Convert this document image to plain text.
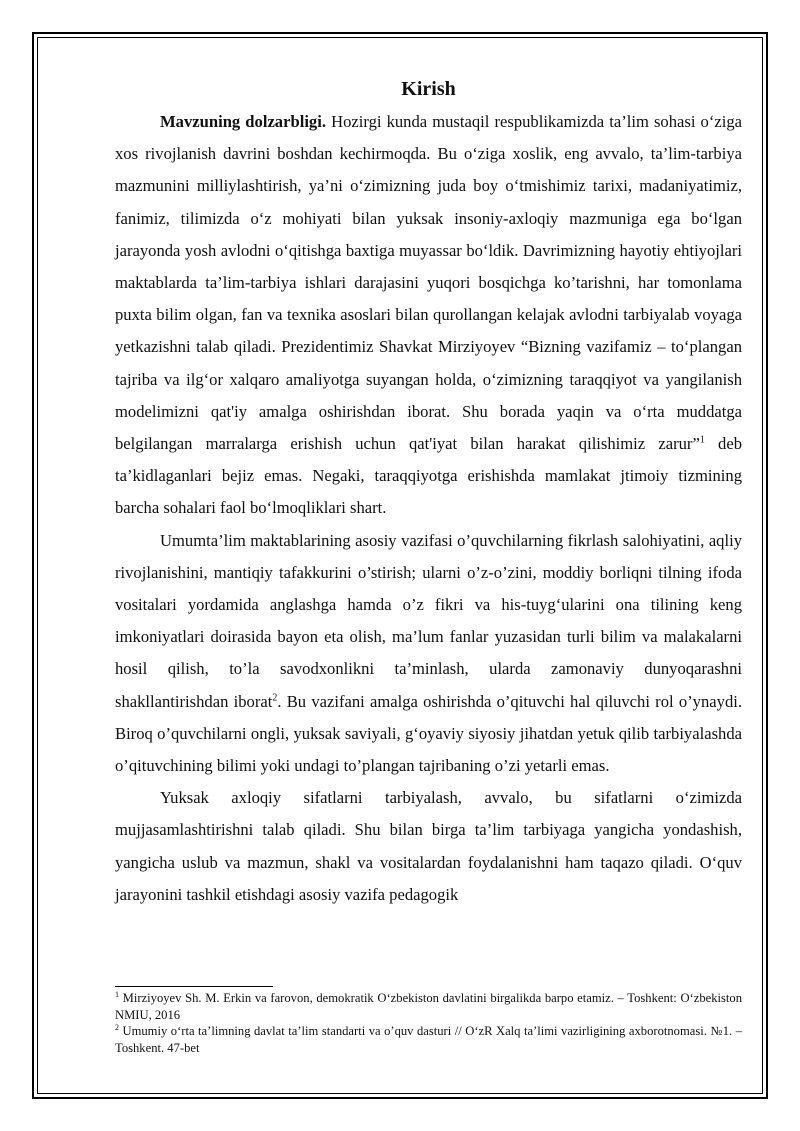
Kirish

Mavzuning dolzarbligi. Hozirgi kunda mustaqil respublikamizda ta’lim sohasi o‘ziga xos rivojlanish davrini boshdan kechirmoqda. Bu o‘ziga xoslik, eng avvalo, ta’lim-tarbiya mazmunini milliylashtirish, ya’ni o‘zimizning juda boy o‘tmishimiz tarixi, madaniyatimiz, fanimiz, tilimizda o‘z mohiyati bilan yuksak insoniy-axloqiy mazmuniga ega bo‘lgan jarayonda yosh avlodni o‘qitishga baxtiga muyassar bo‘ldik. Davrimizning hayotiy ehtiyojlari maktablarda ta’lim-tarbiya ishlari darajasini yuqori bosqichga ko’tarishni, har tomonlama puxta bilim olgan, fan va texnika asoslari bilan qurollangan kelajak avlodni tarbiyalab voyaga yetkazishni talab qiladi. Prezidentimiz Shavkat Mirziyoyev “Bizning vazifamiz – to‘plangan tajriba va ilg‘or xalqaro amaliyotga suyangan holda, o‘zimizning taraqqiyot va yangilanish modelimizni qat'iy amalga oshirishdan iborat. Shu borada yaqin va o‘rta muddatga belgilangan marralarga erishish uchun qat'iyat bilan harakat qilishimiz zarur”$^1$ deb ta’kidlaganlari bejiz emas. Negaki, taraqqiyotga erishishda mamlakat jtimoiy tizmining barcha sohalari faol bo‘lmoqliklari shart.

Umumta’lim maktablarining asosiy vazifasi o’quvchilarning fikrlash salohiyatini, aqliy rivojlanishini, mantiqiy tafakkurini o’stirish; ularni o’z-o’zini, moddiy borliqni tilning ifoda vositalari yordamida anglashga hamda o’z fikri va his-tuyg‘ularini ona tilining keng imkoniyatlari doirasida bayon eta olish, ma’lum fanlar yuzasidan turli bilim va malakalarni hosil qilish, to’la savodxonlikni ta’minlash, ularda zamonaviy dunyoqarashni shakllantirishdan iborat$^2$. Bu vazifani amalga oshirishda o’qituvchi hal qiluvchi rol o’ynaydi. Biroq o’quvchilarni ongli, yuksak saviyali, g‘oyaviy siyosiy jihatdan yetuk qilib tarbiyalashda o’qituvchining bilimi yoki undagi to’plangan tajribaning o’zi yetarli emas.

Yuksak axloqiy sifatlarni tarbiyalash, avvalo, bu sifatlarni o‘zimizda mujjasamlashtirishni talab qiladi. Shu bilan birga ta’lim tarbiyaga yangicha yondashish, yangicha uslub va mazmun, shakl va vositalardan foydalanishni ham taqazo qiladi. O‘quv jarayonini tashkil etishdagi asosiy vazifa pedagogik

$^1$ Mirziyoyev Sh. M. Erkin va farovon, demokratik O‘zbekiston davlatini birgalikda barpo etamiz. – Toshkent: O‘zbekiston NMIU, 2016
$^2$ Umumiy o‘rta ta’limning davlat ta’lim standarti va o’quv dasturi // O‘zR Xalq ta’limi vazirligining axborotnomasi. №1. – Toshkent. 47-bet
